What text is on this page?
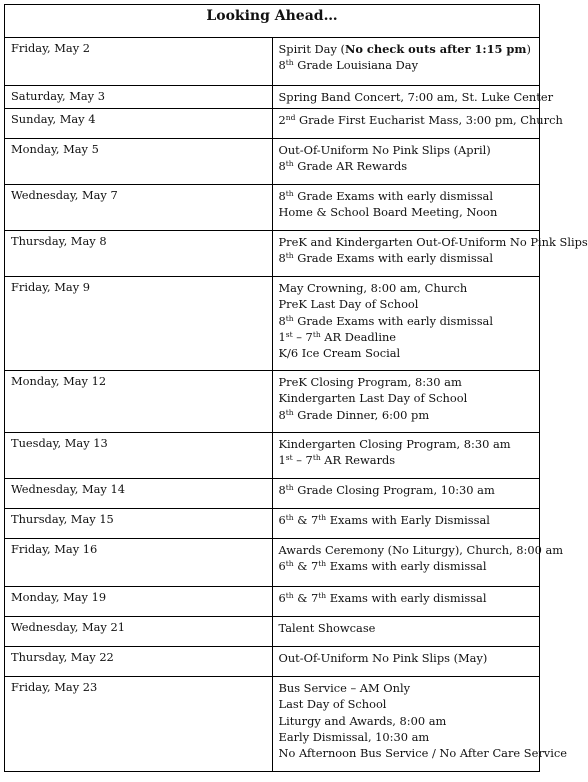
Looking Ahead…	
Friday, May 2	Spirit Day (No check outs after 1:15 pm)
8th Grade Louisiana Day

Saturday, May 3	Spring Band Concert, 7:00 am, St. Luke Center

Sunday, May 4	2nd Grade First Eucharist Mass, 3:00 pm, Church

Monday, May 5	Out-Of-Uniform No Pink Slips (April)
8th Grade AR Rewards

Wednesday, May 7	8th Grade Exams with early dismissal
Home & School Board Meeting, Noon

Thursday, May 8	PreK and Kindergarten Out-Of-Uniform No Pink Slips
8th Grade Exams with early dismissal

Friday, May 9	May Crowning, 8:00 am, Church
PreK Last Day of School
8th Grade Exams with early dismissal
1st – 7th AR Deadline
K/6 Ice Cream Social

Monday, May 12	PreK Closing Program, 8:30 am
Kindergarten Last Day of School
8th Grade Dinner, 6:00 pm

Tuesday, May 13	Kindergarten Closing Program, 8:30 am
1st – 7th AR Rewards

Wednesday, May 14	8th Grade Closing Program, 10:30 am

Thursday, May 15	6th & 7th Exams with Early Dismissal

Friday, May 16	Awards Ceremony (No Liturgy), Church, 8:00 am
6th & 7th Exams with early dismissal

Monday, May 19	6th & 7th Exams with early dismissal

Wednesday, May 21	Talent Showcase

Thursday, May 22	Out-Of-Uniform No Pink Slips (May)

Friday, May 23	Bus Service – AM Only
Last Day of School
Liturgy and Awards, 8:00 am
Early Dismissal, 10:30 am
No Afternoon Bus Service / No After Care Service
